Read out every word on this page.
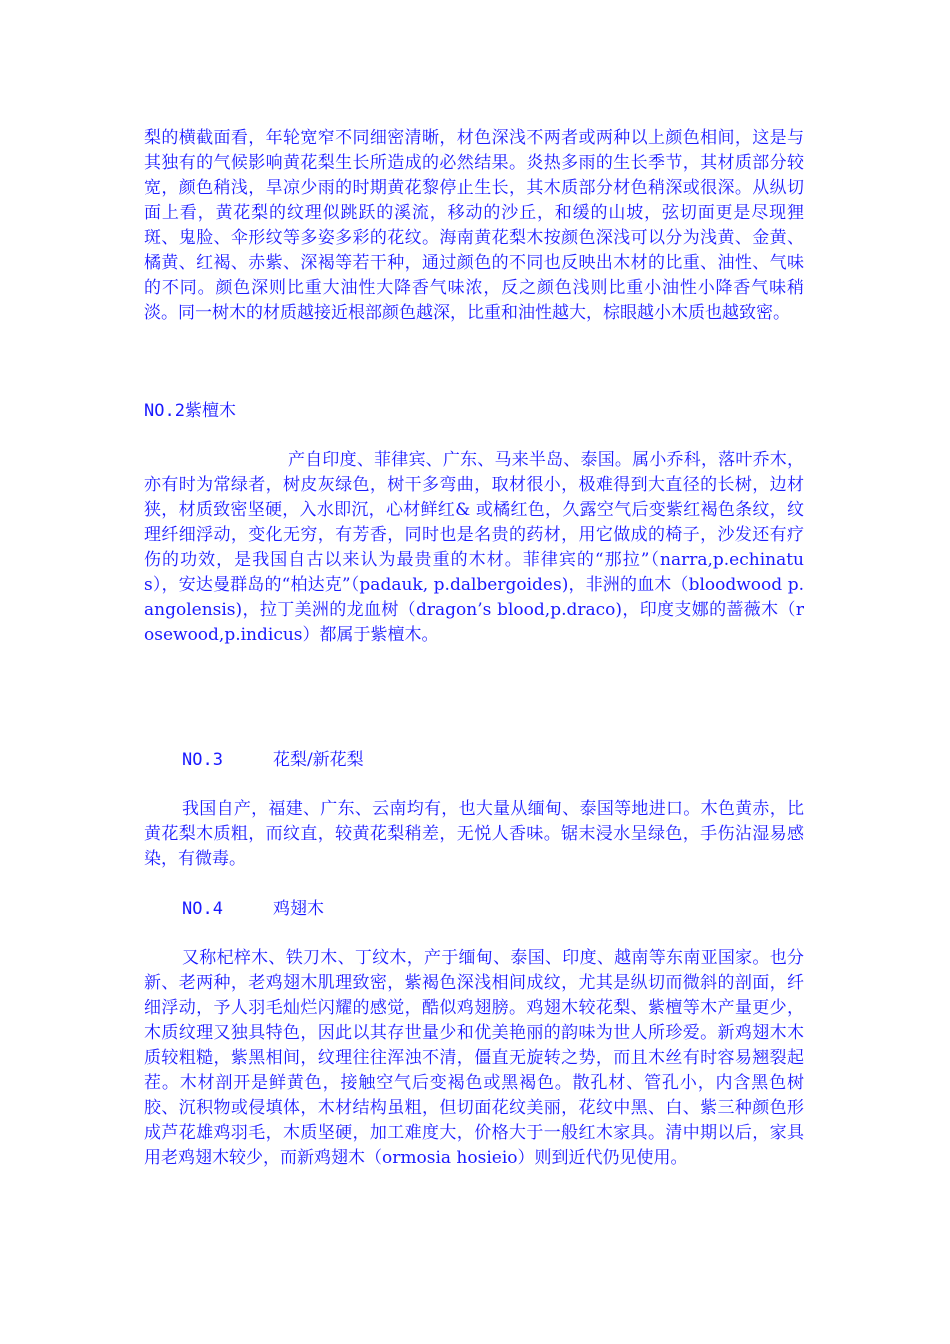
梨的横截面看，年轮宽窄不同细密清晰，材色深浅不两者或两种以上颜色相间，这是与其独有的气候影响黄花梨生长所造成的必然结果。炎热多雨的生长季节，其材质部分较宽，颜色稍浅，旱凉少雨的时期黄花黎停止生长，其木质部分材色稍深或很深。从纵切面上看，黄花梨的纹理似跳跃的溪流，移动的沙丘，和缓的山坡，弦切面更是尽现狸斑、鬼脸、伞形纹等多姿多彩的花纹。海南黄花梨木按颜色深浅可以分为浅黄、金黄、橘黄、红褐、赤紫、深褐等若干种，通过颜色的不同也反映出木材的比重、油性、气味的不同。颜色深则比重大油性大降香气味浓，反之颜色浅则比重小油性小降香气味稍淡。同一树木的材质越接近根部颜色越深，比重和油性越大，棕眼越小木质也越致密。

NO.2紫檀木

产自印度、菲律宾、广东、马来半岛、泰国。属小乔科，落叶乔木，亦有时为常绿者，树皮灰绿色，树干多弯曲，取材很小，极难得到大直径的长树，边材狭，材质致密坚硬，入水即沉，心材鲜红& 或橘红色，久露空气后变紫红褐色条纹，纹理纤细浮动，变化无穷，有芳香，同时也是名贵的药材，用它做成的椅子，沙发还有疗伤的功效，是我国自古以来认为最贵重的木材。菲律宾的“那拉”（narra,p.echinatus），安达曼群岛的“柏达克”（padauk, p.dalbergoides)，非洲的血木（bloodwood p.angolensis)，拉丁美洲的龙血树（dragon’s blood,p.draco)，印度支娜的蔷薇木（rosewood,p.indicus）都属于紫檀木。

NO.3	花梨/新花梨

我国自产，福建、广东、云南均有，也大量从缅甸、泰国等地进口。木色黄赤，比黄花梨木质粗，而纹直，较黄花梨稍差，无悦人香味。锯末浸水呈绿色，手伤沾湿易感染，有微毒。

NO.4	鸡翅木

又称杞梓木、铁刀木、丁纹木，产于缅甸、泰国、印度、越南等东南亚国家。也分新、老两种，老鸡翅木肌理致密，紫褐色深浅相间成纹，尤其是纵切而微斜的剖面，纤细浮动，予人羽毛灿烂闪耀的感觉，酷似鸡翅膀。鸡翅木较花梨、紫檀等木产量更少，木质纹理又独具特色，因此以其存世量少和优美艳丽的韵味为世人所珍爱。新鸡翅木木质较粗糙，紫黑相间，纹理往往浑浊不清，僵直无旋转之势，而且木丝有时容易翘裂起茬。木材剖开是鲜黄色，接触空气后变褐色或黑褐色。散孔材、管孔小，内含黑色树胶、沉积物或侵填体，木材结构虽粗，但切面花纹美丽，花纹中黑、白、紫三种颜色形成芦花雄鸡羽毛，木质坚硬，加工难度大，价格大于一般红木家具。清中期以后，家具用老鸡翅木较少，而新鸡翅木（ormosia hosieio）则到近代仍见使用。
